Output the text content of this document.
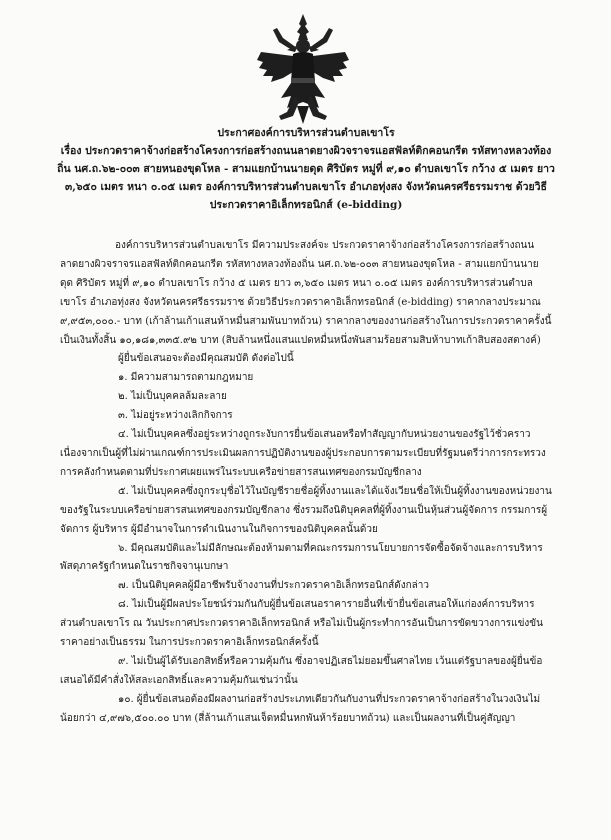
ประกาศองค์การบริหารส่วนตำบลเขาโร
เรื่อง ประกวดราคาจ้างก่อสร้างโครงการก่อสร้างถนนลาดยางผิวจราจรแอสฟัลท์ติกคอนกรีต รหัสทางหลวงท้อง
ถิ่น นศ.ถ.๖๒-๐๐๓ สายหนองขุดโหล - สามแยกบ้านนายดุด ศิริบัตร หมู่ที่ ๙,๑๐ ตำบลเขาโร กว้าง ๕ เมตร ยาว
๓,๖๕๐ เมตร หนา ๐.๐๕ เมตร องค์การบริหารส่วนตำบลเขาโร อำเภอทุ่งสง จังหวัดนครศรีธรรมราช ด้วยวิธี
ประกวดราคาอิเล็กทรอนิกส์ (e-bidding)
องค์การบริหารส่วนตำบลเขาโร มีความประสงค์จะ ประกวดราคาจ้างก่อสร้างโครงการก่อสร้างถนน
ลาดยางผิวจราจรแอสฟัลท์ติกคอนกรีต รหัสทางหลวงท้องถิ่น นศ.ถ.๖๒-๐๐๓ สายหนองขุดโหล - สามแยกบ้านนาย
ดุด ศิริบัตร หมู่ที่ ๙,๑๐ ตำบลเขาโร กว้าง ๕ เมตร ยาว ๓,๖๕๐ เมตร หนา ๐.๐๕ เมตร องค์การบริหารส่วนตำบล
เขาโร อำเภอทุ่งสง จังหวัดนครศรีธรรมราช ด้วยวิธีประกวดราคาอิเล็กทรอนิกส์ (e-bidding) ราคากลางประมาณ
๙,๙๕๓,๐๐๐.- บาท (เก้าล้านเก้าแสนห้าหมื่นสามพันบาทถ้วน) ราคากลางของงานก่อสร้างในการประกวดราคาครั้งนี้
เป็นเงินทั้งสิ้น ๑๐,๑๘๑,๓๓๕.๙๒ บาท (สิบล้านหนึ่งแสนแปดหมื่นหนึ่งพันสามร้อยสามสิบห้าบาทเก้าสิบสองสตางค์)
ผู้ยื่นข้อเสนอจะต้องมีคุณสมบัติ ดังต่อไปนี้
๑. มีความสามารถตามกฎหมาย
๒. ไม่เป็นบุคคลล้มละลาย
๓. ไม่อยู่ระหว่างเลิกกิจการ
๔. ไม่เป็นบุคคลซึ่งอยู่ระหว่างถูกระงับการยื่นข้อเสนอหรือทำสัญญากับหน่วยงานของรัฐไว้ชั่วคราว
เนื่องจากเป็นผู้ที่ไม่ผ่านเกณฑ์การประเมินผลการปฏิบัติงานของผู้ประกอบการตามระเบียบที่รัฐมนตรีว่าการกระทรวง
การคลังกำหนดตามที่ประกาศเผยแพร่ในระบบเครือข่ายสารสนเทศของกรมบัญชีกลาง
๕. ไม่เป็นบุคคลซึ่งถูกระบุชื่อไว้ในบัญชีรายชื่อผู้ทิ้งงานและได้แจ้งเวียนชื่อให้เป็นผู้ทิ้งงานของหน่วยงาน
ของรัฐในระบบเครือข่ายสารสนเทศของกรมบัญชีกลาง ซึ่งรวมถึงนิติบุคคลที่ผู้ทิ้งงานเป็นหุ้นส่วนผู้จัดการ กรรมการผู้
จัดการ ผู้บริหาร ผู้มีอำนาจในการดำเนินงานในกิจการของนิติบุคคลนั้นด้วย
๖. มีคุณสมบัติและไม่มีลักษณะต้องห้ามตามที่คณะกรรมการนโยบายการจัดซื้อจัดจ้างและการบริหาร
พัสดุภาครัฐกำหนดในราชกิจจานุเบกษา
๗. เป็นนิติบุคคลผู้มีอาชีพรับจ้างงานที่ประกวดราคาอิเล็กทรอนิกส์ดังกล่าว
๘. ไม่เป็นผู้มีผลประโยชน์ร่วมกันกับผู้ยื่นข้อเสนอราคารายอื่นที่เข้ายื่นข้อเสนอให้แก่องค์การบริหาร
ส่วนตำบลเขาโร ณ วันประกาศประกวดราคาอิเล็กทรอนิกส์ หรือไม่เป็นผู้กระทำการอันเป็นการขัดขวางการแข่งขัน
ราคาอย่างเป็นธรรม ในการประกวดราคาอิเล็กทรอนิกส์ครั้งนี้
๙. ไม่เป็นผู้ได้รับเอกสิทธิ์หรือความคุ้มกัน ซึ่งอาจปฏิเสธไม่ยอมขึ้นศาลไทย เว้นแต่รัฐบาลของผู้ยื่นข้อ
เสนอได้มีคำสั่งให้สละเอกสิทธิ์และความคุ้มกันเช่นว่านั้น
๑๐. ผู้ยื่นข้อเสนอต้องมีผลงานก่อสร้างประเภทเดียวกันกับงานที่ประกวดราคาจ้างก่อสร้างในวงเงินไม่
น้อยกว่า ๔,๙๗๖,๕๐๐.๐๐ บาท (สี่ล้านเก้าแสนเจ็ดหมื่นหกพันห้าร้อยบาทถ้วน) และเป็นผลงานที่เป็นคู่สัญญา
